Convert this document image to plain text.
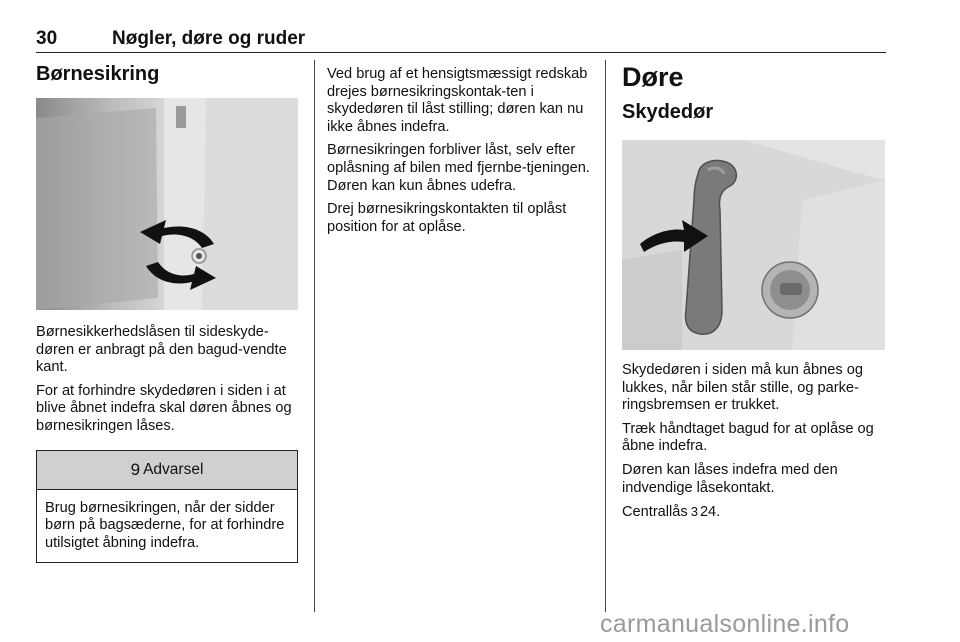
30	Nøgler, døre og ruder
Børnesikring

Børnesikkerhedslåsen til sideskyde-døren er anbragt på den bagud-vendte kant.

For at forhindre skydedøren i siden i at blive åbnet indefra skal døren åbnes og børnesikringen låses.

9 Advarsel
Brug børnesikringen, når der sidder børn på bagsæderne, for at forhindre utilsigtet åbning indefra.

Ved brug af et hensigtsmæssigt redskab drejes børnesikringskontak-ten i skydedøren til låst stilling; døren kan nu ikke åbnes indefra.

Børnesikringen forbliver låst, selv efter oplåsning af bilen med fjernbe-tjeningen. Døren kan kun åbnes udefra.

Drej børnesikringskontakten til oplåst position for at oplåse.

Døre
Skydedør

Skydedøren i siden må kun åbnes og lukkes, når bilen står stille, og parke-ringsbremsen er trukket.

Træk håndtaget bagud for at oplåse og åbne indefra.

Døren kan låses indefra med den indvendige låsekontakt.

Centrallås 3 24.

carmanualsonline.info
